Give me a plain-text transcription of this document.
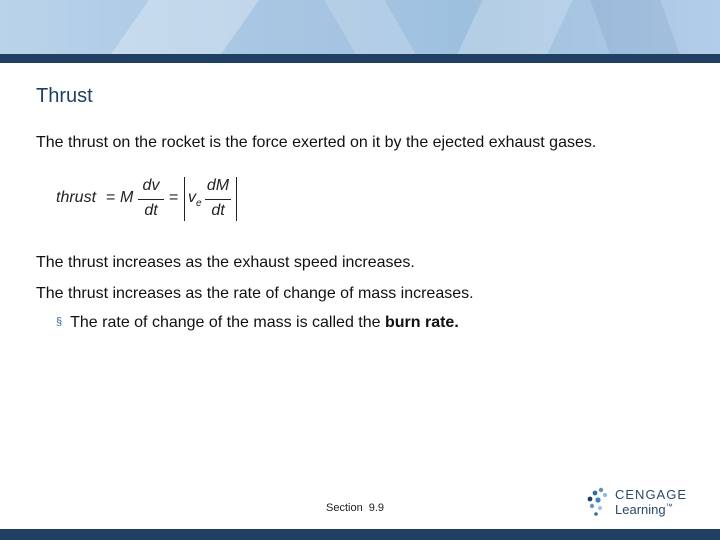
Thrust
The thrust on the rocket is the force exerted on it by the ejected exhaust gases.
thrust = M
dv
dt
= $v_e$
dM
dt
The thrust increases as the exhaust speed increases.
The thrust increases as the rate of change of mass increases.
§ The rate of change of the mass is called the burn rate.
Section 9.9
CENGAGE
Learning™
